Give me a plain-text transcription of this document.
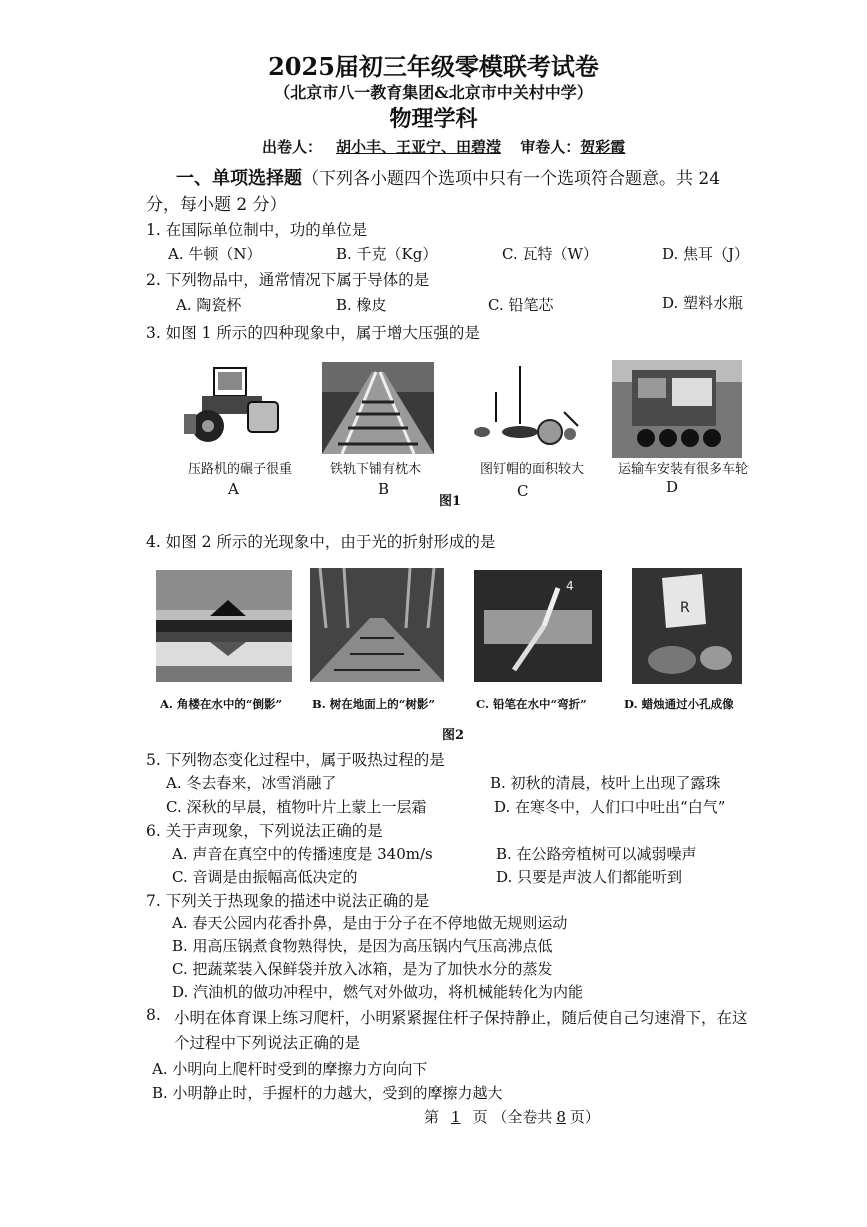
2025届初三年级零模联考试卷
（北京市八一教育集团&北京市中关村中学）
物理学科
出卷人： 胡小丰、王亚宁、田碧滢 审卷人：贺彩霞
一、单项选择题（下列各小题四个选项中只有一个选项符合题意。共 24
分，每小题 2 分）
1. 在国际单位制中，功的单位是
A. 牛顿（N）	B. 千克（Kg）	C. 瓦特（W）	D. 焦耳（J）
2. 下列物品中，通常情况下属于导体的是
A. 陶瓷杯	B. 橡皮	C. 铅笔芯	D. 塑料水瓶
3. 如图 1 所示的四种现象中，属于增大压强的是
压路机的碾子很重	铁轨下铺有枕木	图钉帽的面积较大	运输车安装有很多车轮
A	B	C	D
图1
4. 如图 2 所示的光现象中，由于光的折射形成的是
4
R
A. 角楼在水中的“倒影”	B. 树在地面上的“树影”	C. 铅笔在水中“弯折”	D. 蜡烛通过小孔成像
图2
5. 下列物态变化过程中，属于吸热过程的是
A. 冬去春来，冰雪消融了	B. 初秋的清晨，枝叶上出现了露珠
C. 深秋的早晨，植物叶片上蒙上一层霜	D. 在寒冬中，人们口中吐出“白气”
6. 关于声现象，下列说法正确的是
A. 声音在真空中的传播速度是 340m/s	B. 在公路旁植树可以减弱噪声
C. 音调是由振幅高低决定的	D. 只要是声波人们都能听到
7. 下列关于热现象的描述中说法正确的是
A. 春天公园内花香扑鼻，是由于分子在不停地做无规则运动
B. 用高压锅煮食物熟得快，是因为高压锅内气压高沸点低
C. 把蔬菜装入保鲜袋并放入冰箱，是为了加快水分的蒸发
D. 汽油机的做功冲程中，燃气对外做功，将机械能转化为内能
8. 小明在体育课上练习爬杆，小明紧紧握住杆子保持静止，随后使自己匀速滑下，在这
个过程中下列说法正确的是
A. 小明向上爬杆时受到的摩擦力方向向下
B. 小明静止时，手握杆的力越大，受到的摩擦力越大
第 1 页 （全卷共 8 页）
